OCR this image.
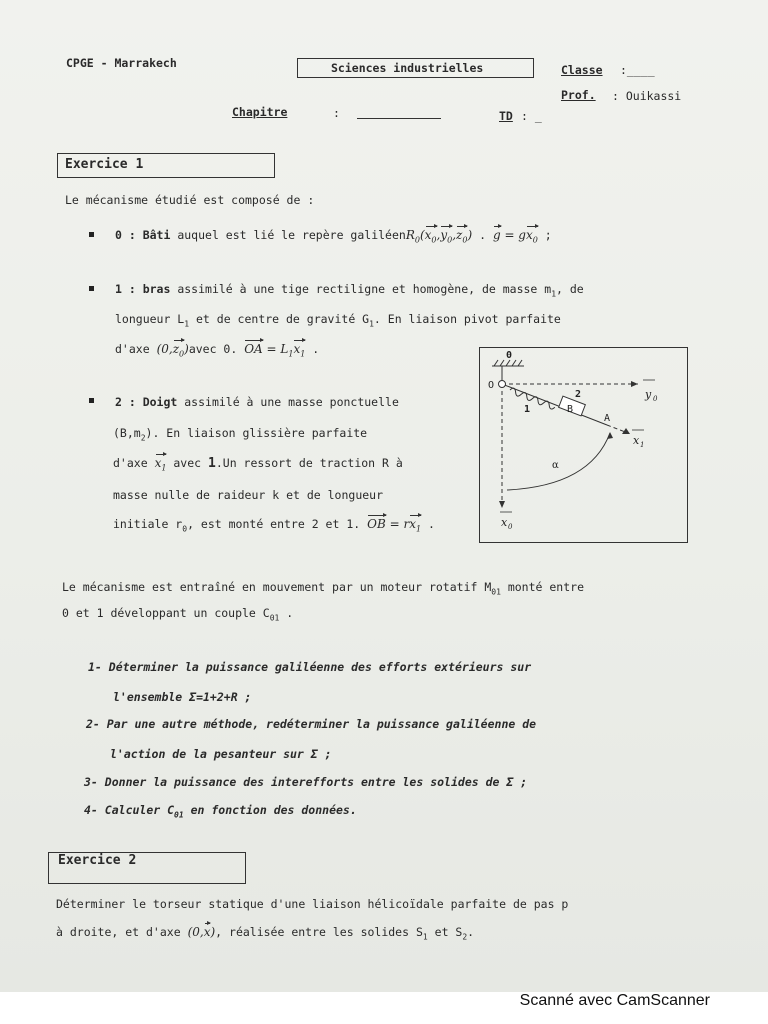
CPGE - Marrakech	Sciences industrielles	Classe :____
Prof. : Ouikassi
Chapitre	:	TD : _
Exercice 1
Le mécanisme étudié est composé de :
0 : Bâti auquel est lié le repère $galiléenR_0(x_0,y_0,z_0)$ . $g = gx_0$ ;
1 : bras assimilé à une tige rectiligne et homogène, de masse $m_1$, de
longueur $L_1$ et de centre de gravité $G_1$. En liaison pivot parfaite
d'axe $(0,z_0)avec$ 0. OA = $L_1x_1$ .
2 : Doigt assimilé à une masse ponctuelle
$(B,m_2)$. En liaison glissière parfaite
d'axe $x_1$ avec 1.Un ressort de traction R à
masse nulle de raideur k et de longueur
initiale $r_0$, est monté entre 2 et 1. OB = $rx_1$ .
0
O
1
2
B
A
α
y 0
x 1
x 0
Le mécanisme est entraîné en mouvement par un moteur rotatif $M_{01}$ monté entre
0 et 1 développant un couple $C_{01}$ .
1- Déterminer la puissance galiléenne des efforts extérieurs sur
l'ensemble Σ=1+2+R ;
2- Par une autre méthode, redéterminer la puissance galiléenne de
l'action de la pesanteur sur Σ ;
3- Donner la puissance des interefforts entre les solides de Σ ;
4- Calculer $C_{01}$ en fonction des données.
Exercice 2
Déterminer le torseur statique d'une liaison hélicoïdale parfaite de pas p
à droite, et d'axe (0,x), réalisée entre les solides $S_1$ et $S_2$.
Scanné avec CamScanner
